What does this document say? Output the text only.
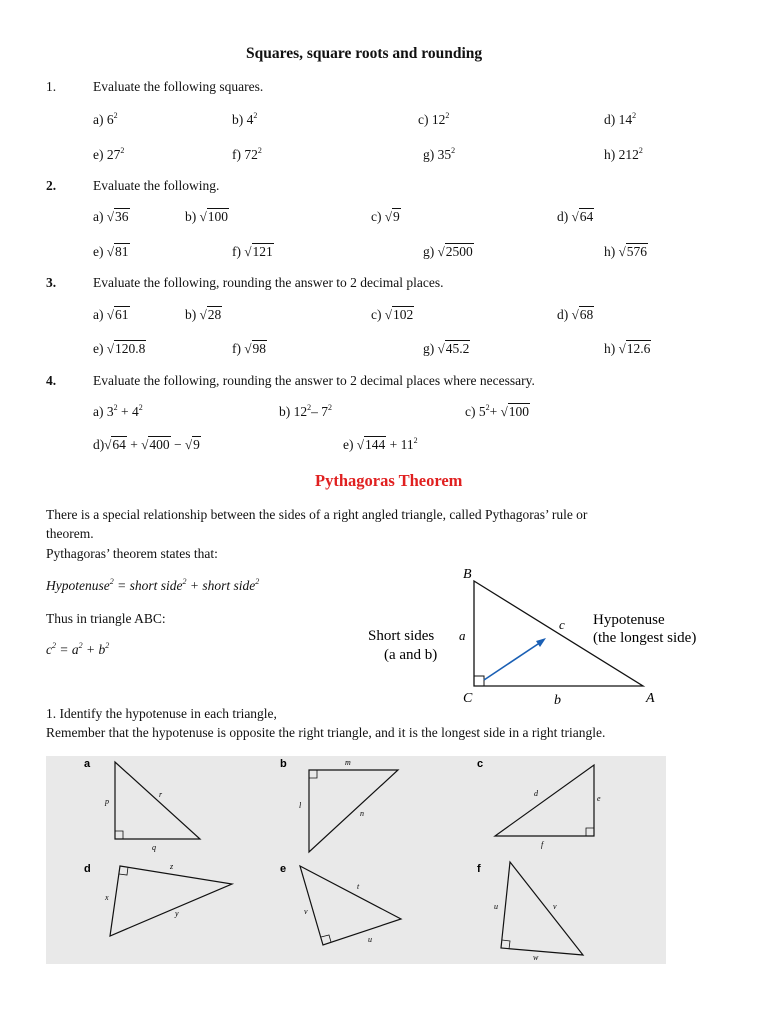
Squares, square roots and rounding
1.	Evaluate the following squares.
a) $6^2$	b) $4^2$	c) $12^2$	d) $14^2$
e) $27^2$	f) $72^2$	g) $35^2$	h) $212^2$
2.	Evaluate the following.
a) √36	b) √100	c) √9	d) √64
e) √81	f) √121	g) √2500	h) √576
3.	Evaluate the following, rounding the answer to 2 decimal places.
a) √61	b) √28	c) √102	d) √68
e) √120.8	f) √98	g) √45.2	h) √12.6
4.	Evaluate the following, rounding the answer to 2 decimal places where necessary.
a) $3^2 + 4^2$	b) $12^2-$ $7^2$	c) $5^2+ √100$
d)√64 + √400 − √9	e) $√144 + 11^2$
Pythagoras Theorem
There is a special relationship between the sides of a right angled triangle, called Pythagoras’ rule or
theorem.
Pythagoras’ theorem states that:
Hypotenuse$^2$ = short side$^2$ + short side$^2$
Thus in triangle ABC:
$c^2 = a^2 + b^2$
B
C	A
a
b
c
Short sides
(a and b)
Hypotenuse
(the longest side)
1. Identify the hypotenuse in each triangle,
Remember that the hypotenuse is opposite the right triangle, and it is the longest side in a right triangle.
a
p
q
r
b	m
l
n
c
d
e
f
d	z
x
y
e
t
v
u
f
u	v
w
